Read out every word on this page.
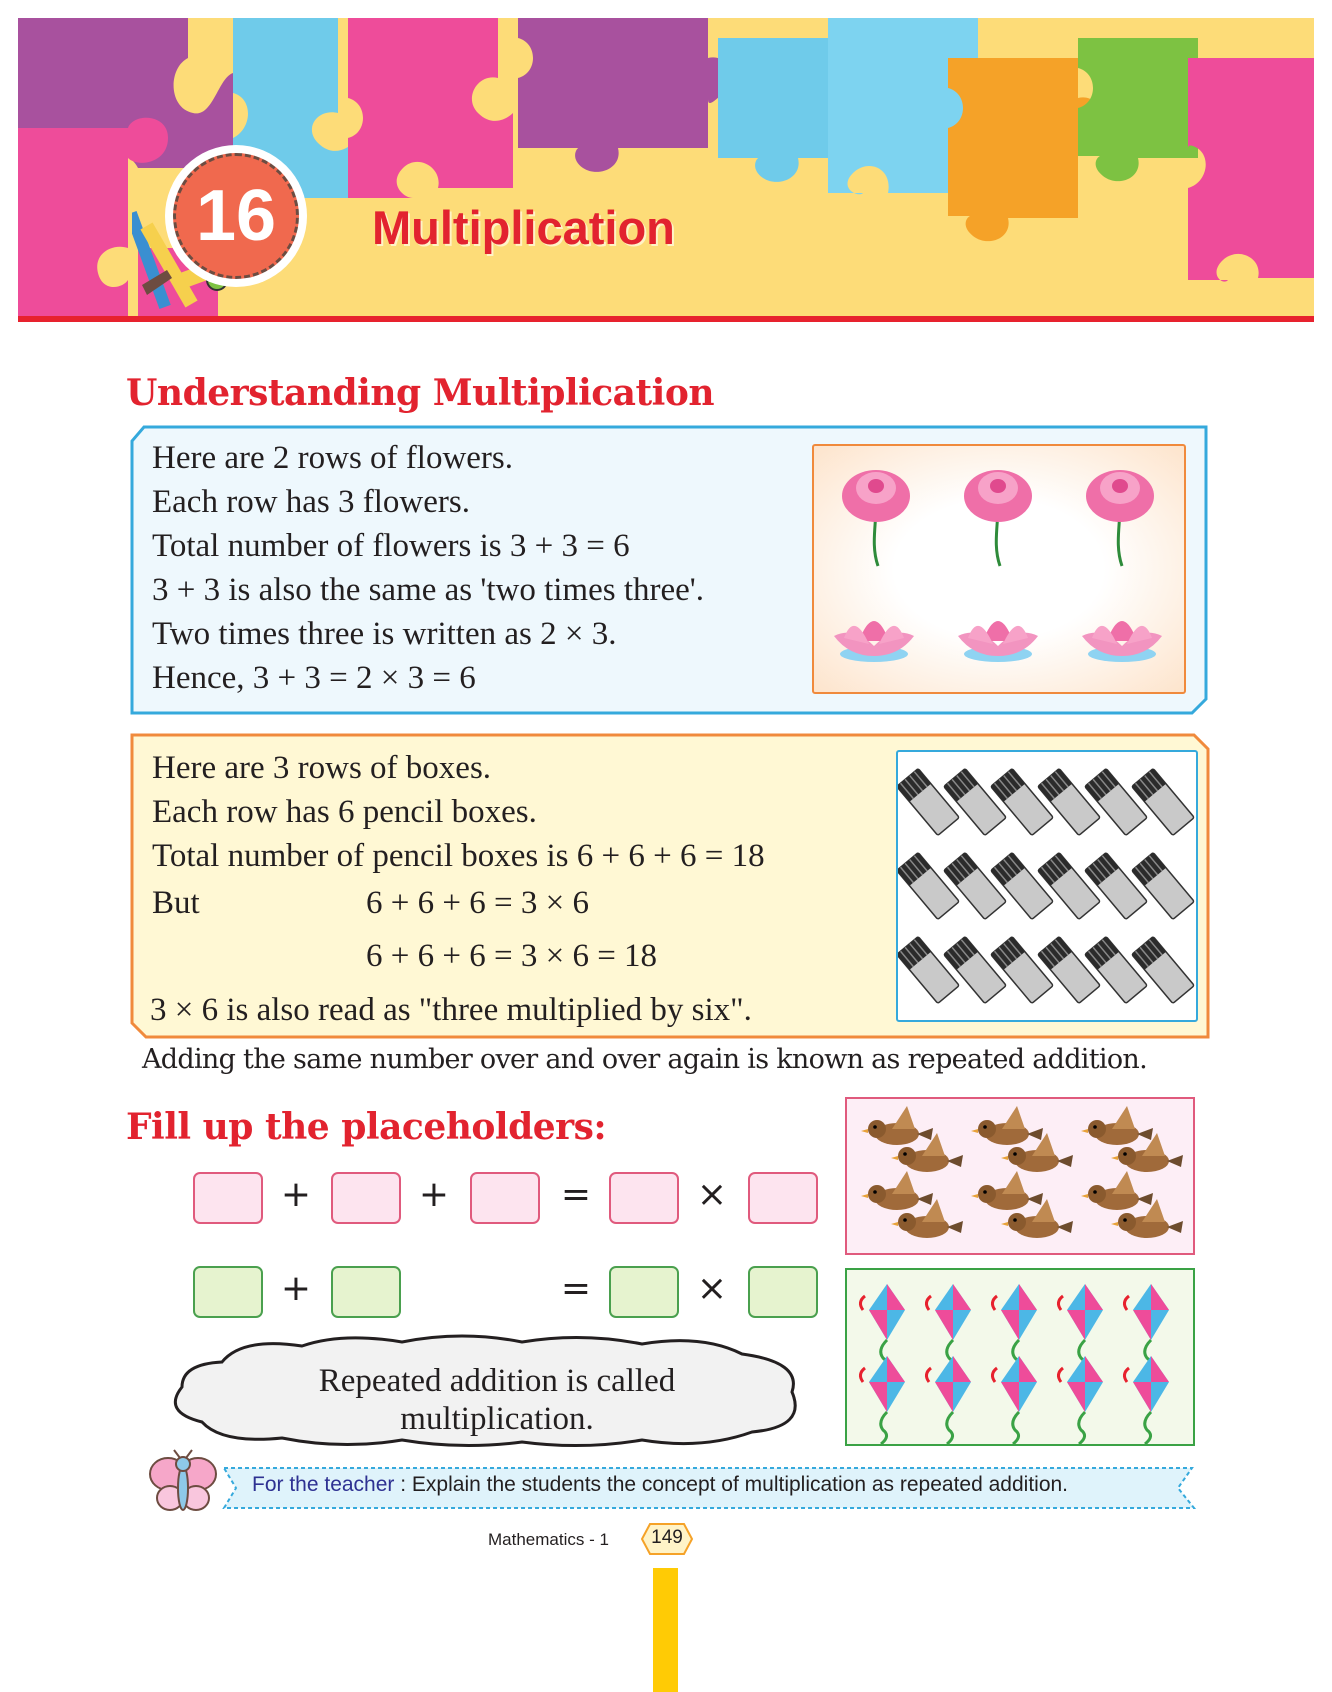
16	Multiplication
Understanding Multiplication
Here are 2 rows of flowers.
Each row has 3 flowers.
Total number of flowers is 3 + 3 = 6
3 + 3 is also the same as 'two times three'.
Two times three is written as 2 × 3.
Hence, 3 + 3 = 2 × 3 = 6
Here are 3 rows of boxes.
Each row has 6 pencil boxes.
Total number of pencil boxes is 6 + 6 + 6 = 18
But	6 + 6 + 6 = 3 × 6
6 + 6 + 6 = 3 × 6 = 18
3 × 6 is also read as "three multiplied by six".
Adding the same number over and over again is known as repeated addition.
Fill up the placeholders:
+	+	=	×
+	=	×
Repeated addition is called
multiplication.
For the teacher : Explain the students the concept of multiplication as repeated addition.
Mathematics - 1	149
